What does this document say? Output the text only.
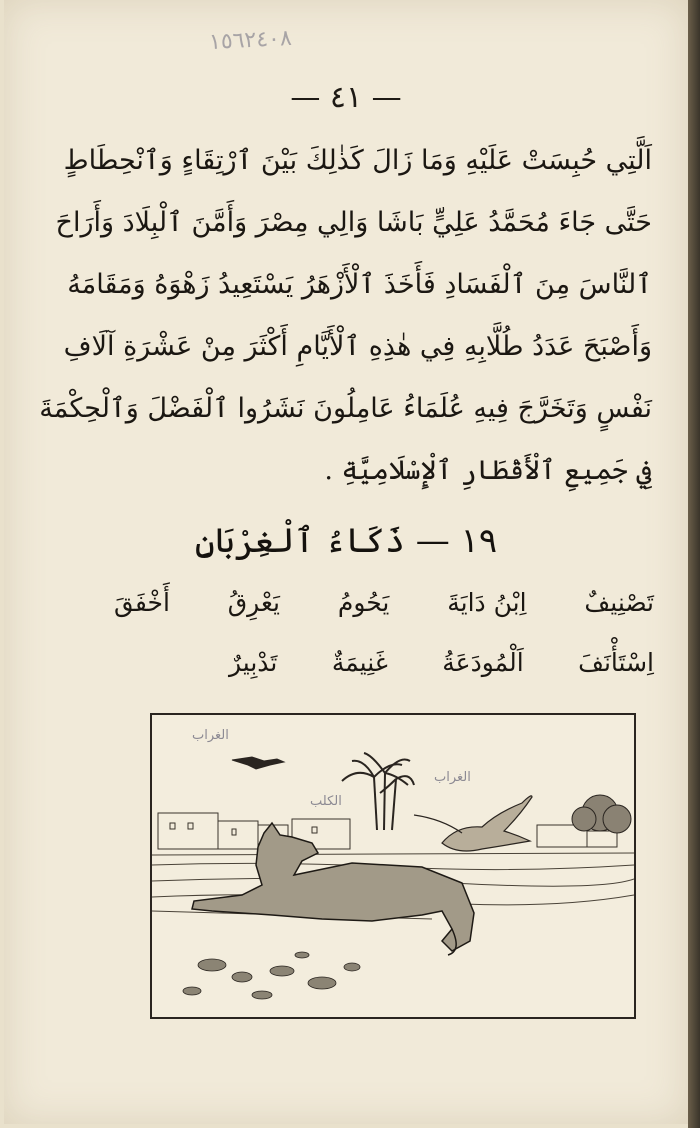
١٥٦٢٤٠٨
— ٤١ —
اَلَّتِي حُبِسَتْ عَلَيْهِ وَمَا زَالَ كَذٰلِكَ بَيْنَ ٱرْتِقَاءٍ وَٱنْحِطَاطٍ
حَتَّى جَاءَ مُحَمَّدُ عَلِيٍّ بَاشَا وَالِي مِصْرَ وَأَمَّنَ ٱلْبِلَادَ وَأَرَاحَ
ٱلنَّاسَ مِنَ ٱلْفَسَادِ فَأَخَذَ ٱلْأَزْهَرُ يَسْتَعِيدُ زَهْوَهُ وَمَقَامَهُ
وَأَصْبَحَ عَدَدُ طُلَّابِهِ فِي هٰذِهِ ٱلْأَيَّامِ أَكْثَرَ مِنْ عَشْرَةِ آلَافِ
نَفْسٍ وَتَخَرَّجَ فِيهِ عُلَمَاءُ عَامِلُونَ نَشَرُوا ٱلْفَضْلَ وَٱلْحِكْمَةَ
فِي جَمِيعِ ٱلْأَقْطَارِ ٱلْإِسْلَامِيَّةِ .
١٩ — ذَكَاءُ ٱلْغِرْبَانِ
تَصْنِيفٌ
اِبْنُ دَايَةَ
يَحُومُ
يَعْرِقُ
أَخْفَقَ
اِسْتَأْنَفَ
اَلْمُودَعَةُ
غَنِيمَةٌ
تَدْبِيرٌ
الغراب
الكلب
الغراب
